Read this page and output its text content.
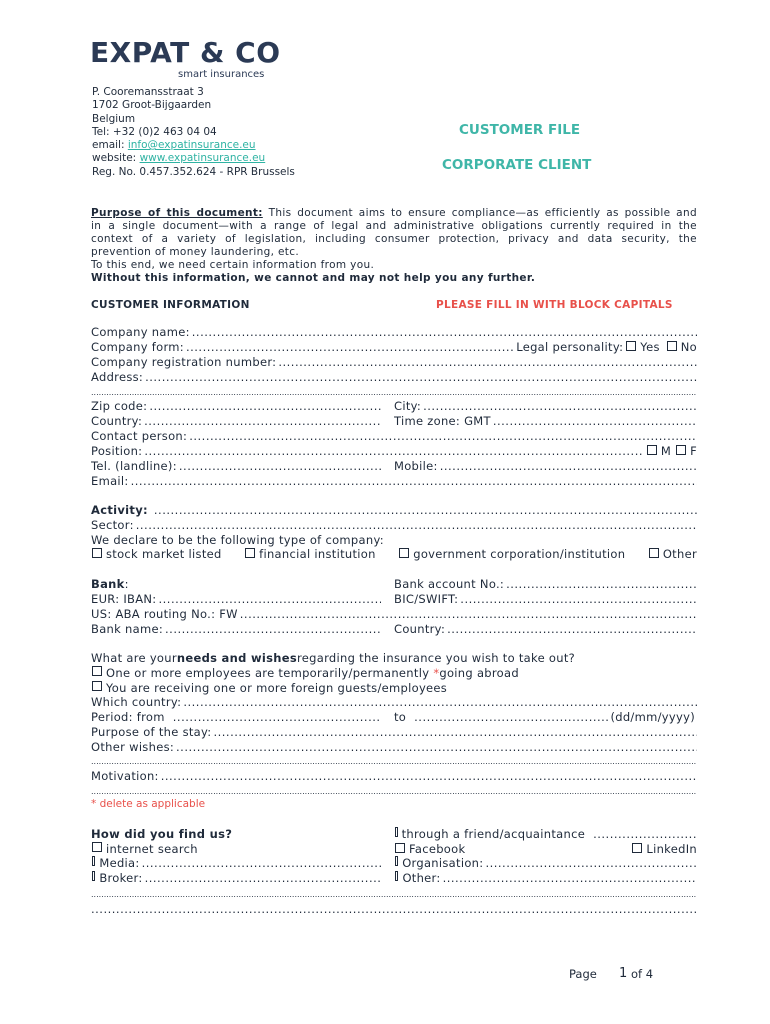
EXPAT & CO
smart insurances
P. Cooremansstraat 3
1702 Groot-Bijgaarden
Belgium
Tel: +32 (0)2 463 04 04
email: info@expatinsurance.eu
website: www.expatinsurance.eu
Reg. No. 0.457.352.624 - RPR Brussels
CUSTOMER FILE
CORPORATE CLIENT

Purpose of this document: This document aims to ensure compliance—as efficiently as possible and

in a single document—with a range of legal and administrative obligations currently required in the

context of a variety of legislation, including consumer protection, privacy and data security, the

prevention of money laundering, etc.

To this end, we need certain information from you.

Without this information, we cannot and may not help you any further.

CUSTOMER INFORMATION	PLEASE FILL IN WITH BLOCK CAPITALS
Company name:
.....
Company form: .....	Legal personality:	Yes	No
Company registration number:
.....
Address:
.....
.....
Zip code: .....	City:
.....
Country: .....	Time zone: GMT
.....
Contact person:
.....
Position: .....	M	F
Tel. (landline): .....	Mobile:
.....
Email:
.....
Activity:
.....
Sector:
.....
We declare to be the following type of company:
stock market listed	financial institution	government corporation/institution	Other
Bank :	Bank account No.:
.....
EUR: IBAN: .....	BIC/SWIFT:
.....
US: ABA routing No.: FW
.....
Bank name: .....	Country:
.....
What are your needs and wishes regarding the insurance you wish to take out?
One or more employees are temporarily/permanently * going abroad
You are receiving one or more foreign guests/employees
Which country:
.....
Period: from .....	to .....	(dd/mm/yyyy)
Purpose of the stay:
.....
Other wishes:
.....
.....
Motivation:
.....
.....
* delete as applicable
How did you find us?	through a friend/acquaintance
.....
internet search	Facebook	LinkedIn
Media: .....	Organisation:
.....
Broker: .....	Other:
.....
.....
.....
Page 1 of 4
